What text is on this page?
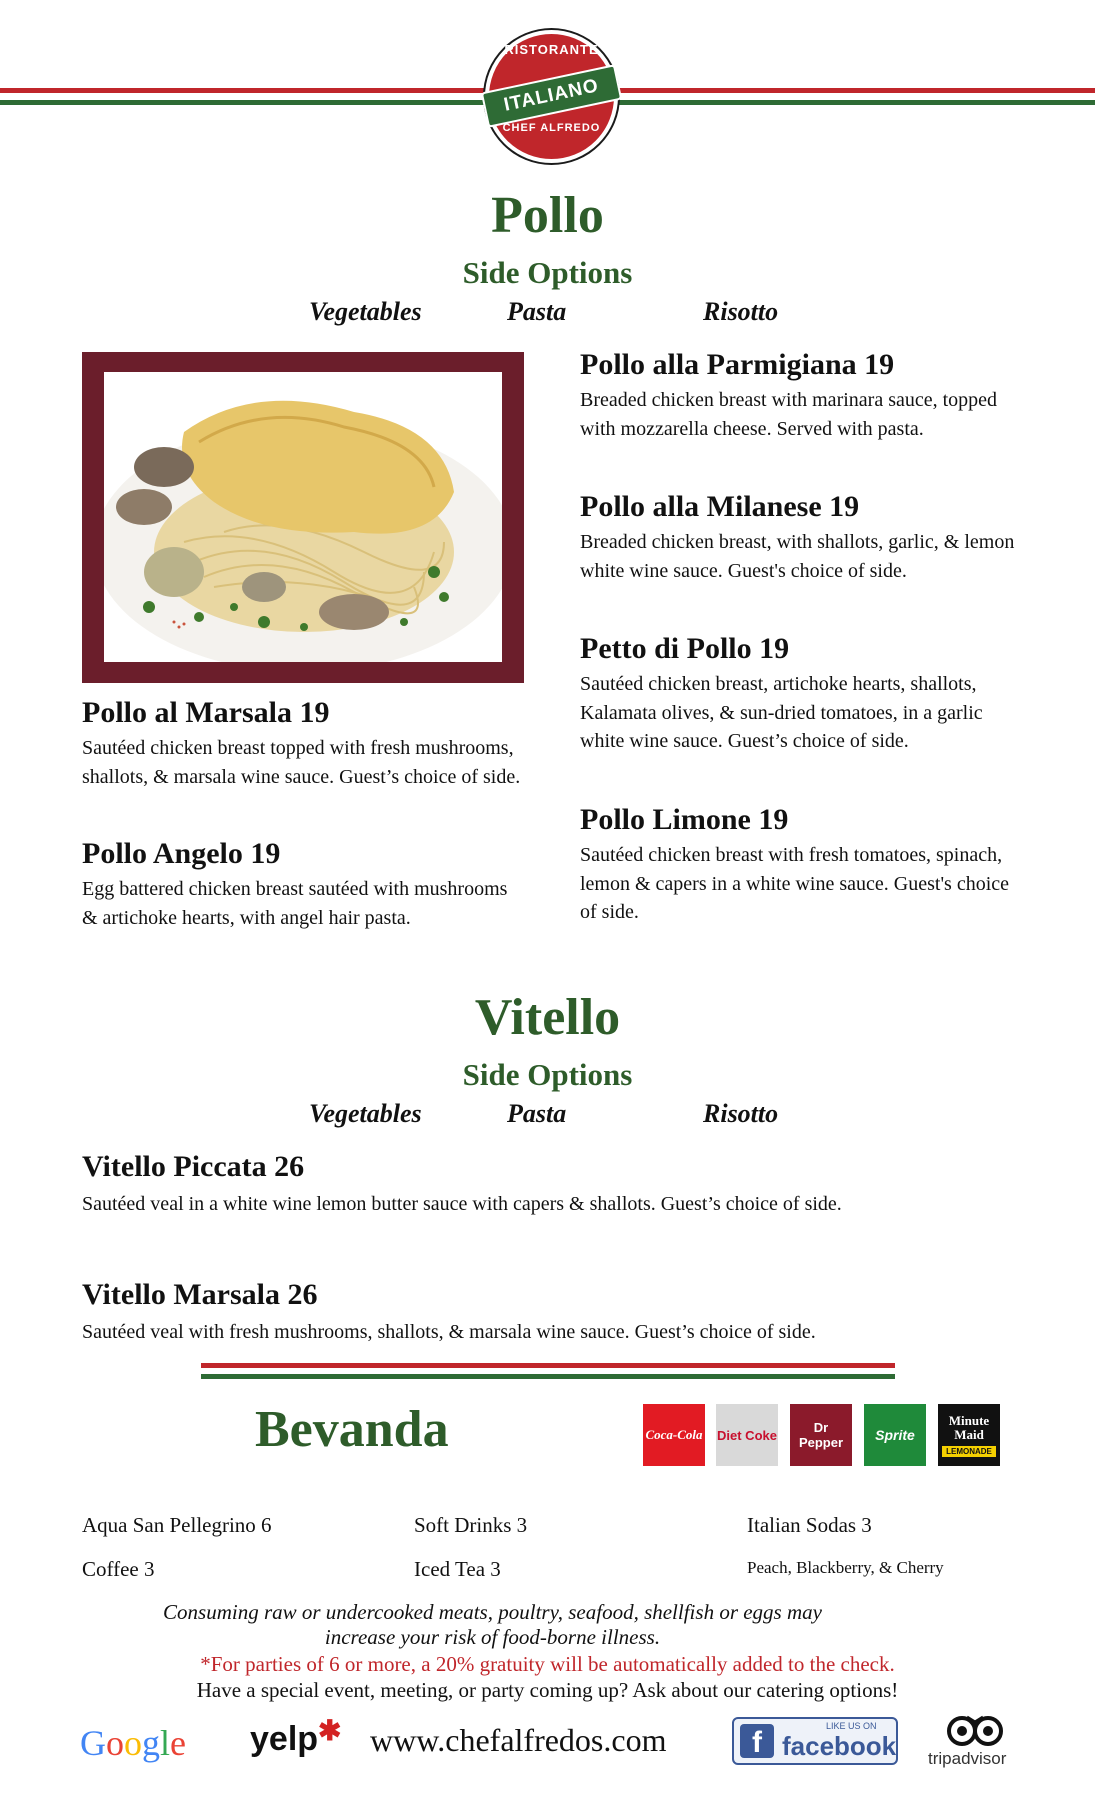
RISTORANTE
ITALIANO
CHEF ALFREDO
Pollo
Side Options
Vegetables	Pasta	Risotto
Pollo al Marsala 19
Sautéed chicken breast topped with fresh mushrooms, shallots, & marsala wine sauce. Guest’s choice of side.
Pollo Angelo 19
Egg battered chicken breast sautéed with mushrooms & artichoke hearts, with angel hair pasta.
Pollo alla Parmigiana 19
Breaded chicken breast with marinara sauce, topped with mozzarella cheese. Served with pasta.
Pollo alla Milanese 19
Breaded chicken breast, with shallots, garlic, & lemon white wine sauce. Guest's choice of side.
Petto di Pollo 19
Sautéed chicken breast, artichoke hearts, shallots, Kalamata olives, & sun-dried tomatoes, in a garlic white wine sauce. Guest’s choice of side.
Pollo Limone 19
Sautéed chicken breast with fresh tomatoes, spinach, lemon & capers in a white wine sauce. Guest's choice of side.
Vitello
Side Options
Vegetables	Pasta	Risotto
Vitello Piccata 26
Sautéed veal in a white wine lemon butter sauce with capers & shallots. Guest’s choice of side.
Vitello Marsala 26
Sautéed veal with fresh mushrooms, shallots, & marsala wine sauce. Guest’s choice of side.
Bevanda	Coca-Cola Diet Coke	Dr Pepper	Sprite
Minute Maid
LEMONADE
Aqua San Pellegrino 6	Soft Drinks 3	Italian Sodas 3
Coffee 3	Iced Tea 3	Peach, Blackberry, & Cherry
Consuming raw or undercooked meats, poultry, seafood, shellfish or eggs may increase your risk of food-borne illness.
*For parties of 6 or more, a 20% gratuity will be automatically added to the check.
Have a special event, meeting, or party coming up? Ask about our catering options!
Google yelp✱ www.chefalfredos.com	f	LIKE US ON
facebook tripadvisor
